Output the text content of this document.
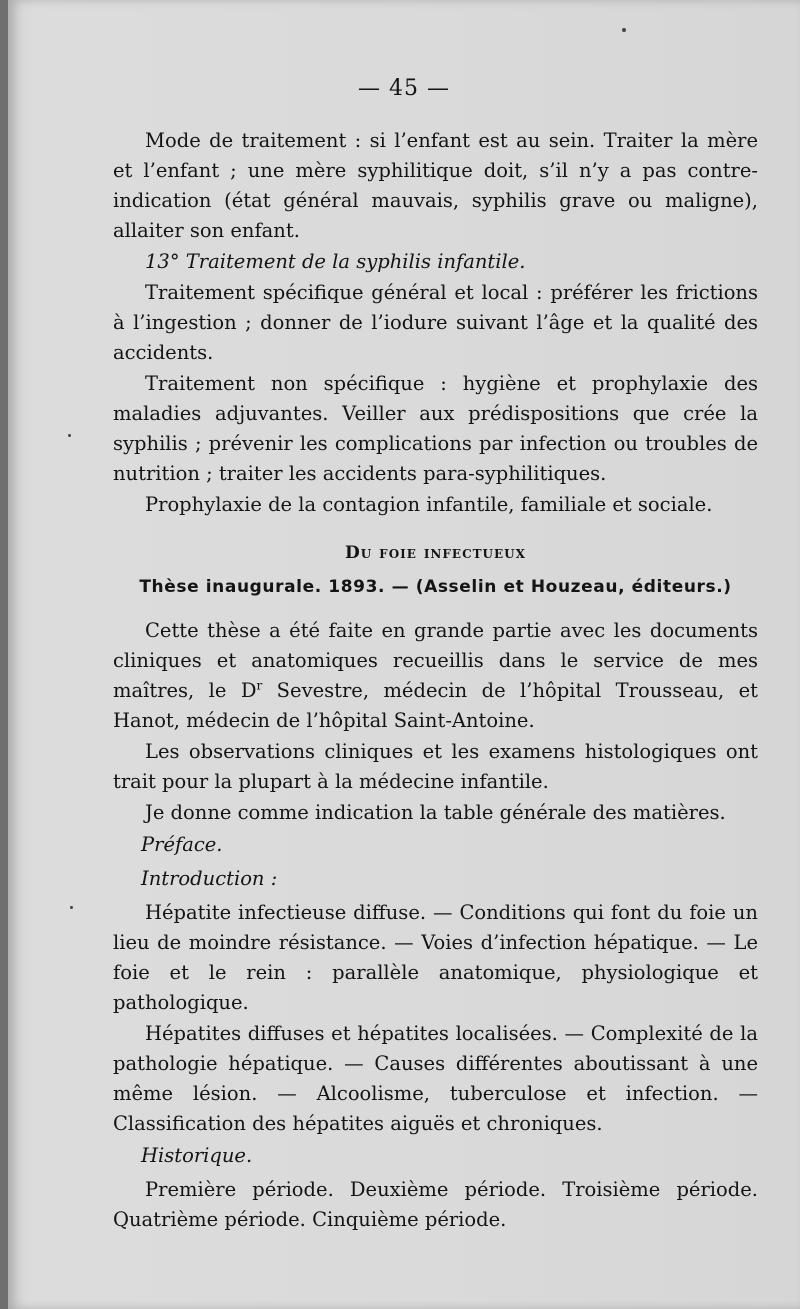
— 45 —

Mode de traitement : si l’enfant est au sein. Traiter la mère et l’enfant ; une mère syphilitique doit, s’il n’y a pas contre-indication (état général mauvais, syphilis grave ou maligne), allaiter son enfant.

13° Traitement de la syphilis infantile.

Traitement spécifique général et local : préférer les frictions à l’ingestion ; donner de l’iodure suivant l’âge et la qualité des accidents.

Traitement non spécifique : hygiène et prophylaxie des maladies adjuvantes. Veiller aux prédispositions que crée la syphilis ; prévenir les complications par infection ou troubles de nutrition ; traiter les accidents para-syphilitiques.

Prophylaxie de la contagion infantile, familiale et sociale.

Du foie infectueux
Thèse inaugurale. 1893. — (Asselin et Houzeau, éditeurs.)

Cette thèse a été faite en grande partie avec les documents cliniques et anatomiques recueillis dans le service de mes maîtres, le $D^r$ Sevestre, médecin de l’hôpital Trousseau, et Hanot, médecin de l’hôpital Saint-Antoine.

Les observations cliniques et les examens histologiques ont trait pour la plupart à la médecine infantile.

Je donne comme indication la table générale des matières.

Préface.
Introduction :

Hépatite infectieuse diffuse. — Conditions qui font du foie un lieu de moindre résistance. — Voies d’infection hépatique. — Le foie et le rein : parallèle anatomique, physiologique et pathologique.

Hépatites diffuses et hépatites localisées. — Complexité de la pathologie hépatique. — Causes différentes aboutissant à une même lésion. — Alcoolisme, tuberculose et infection. — Classification des hépatites aiguës et chroniques.

Historique.

Première période. Deuxième période. Troisième période. Quatrième période. Cinquième période.
